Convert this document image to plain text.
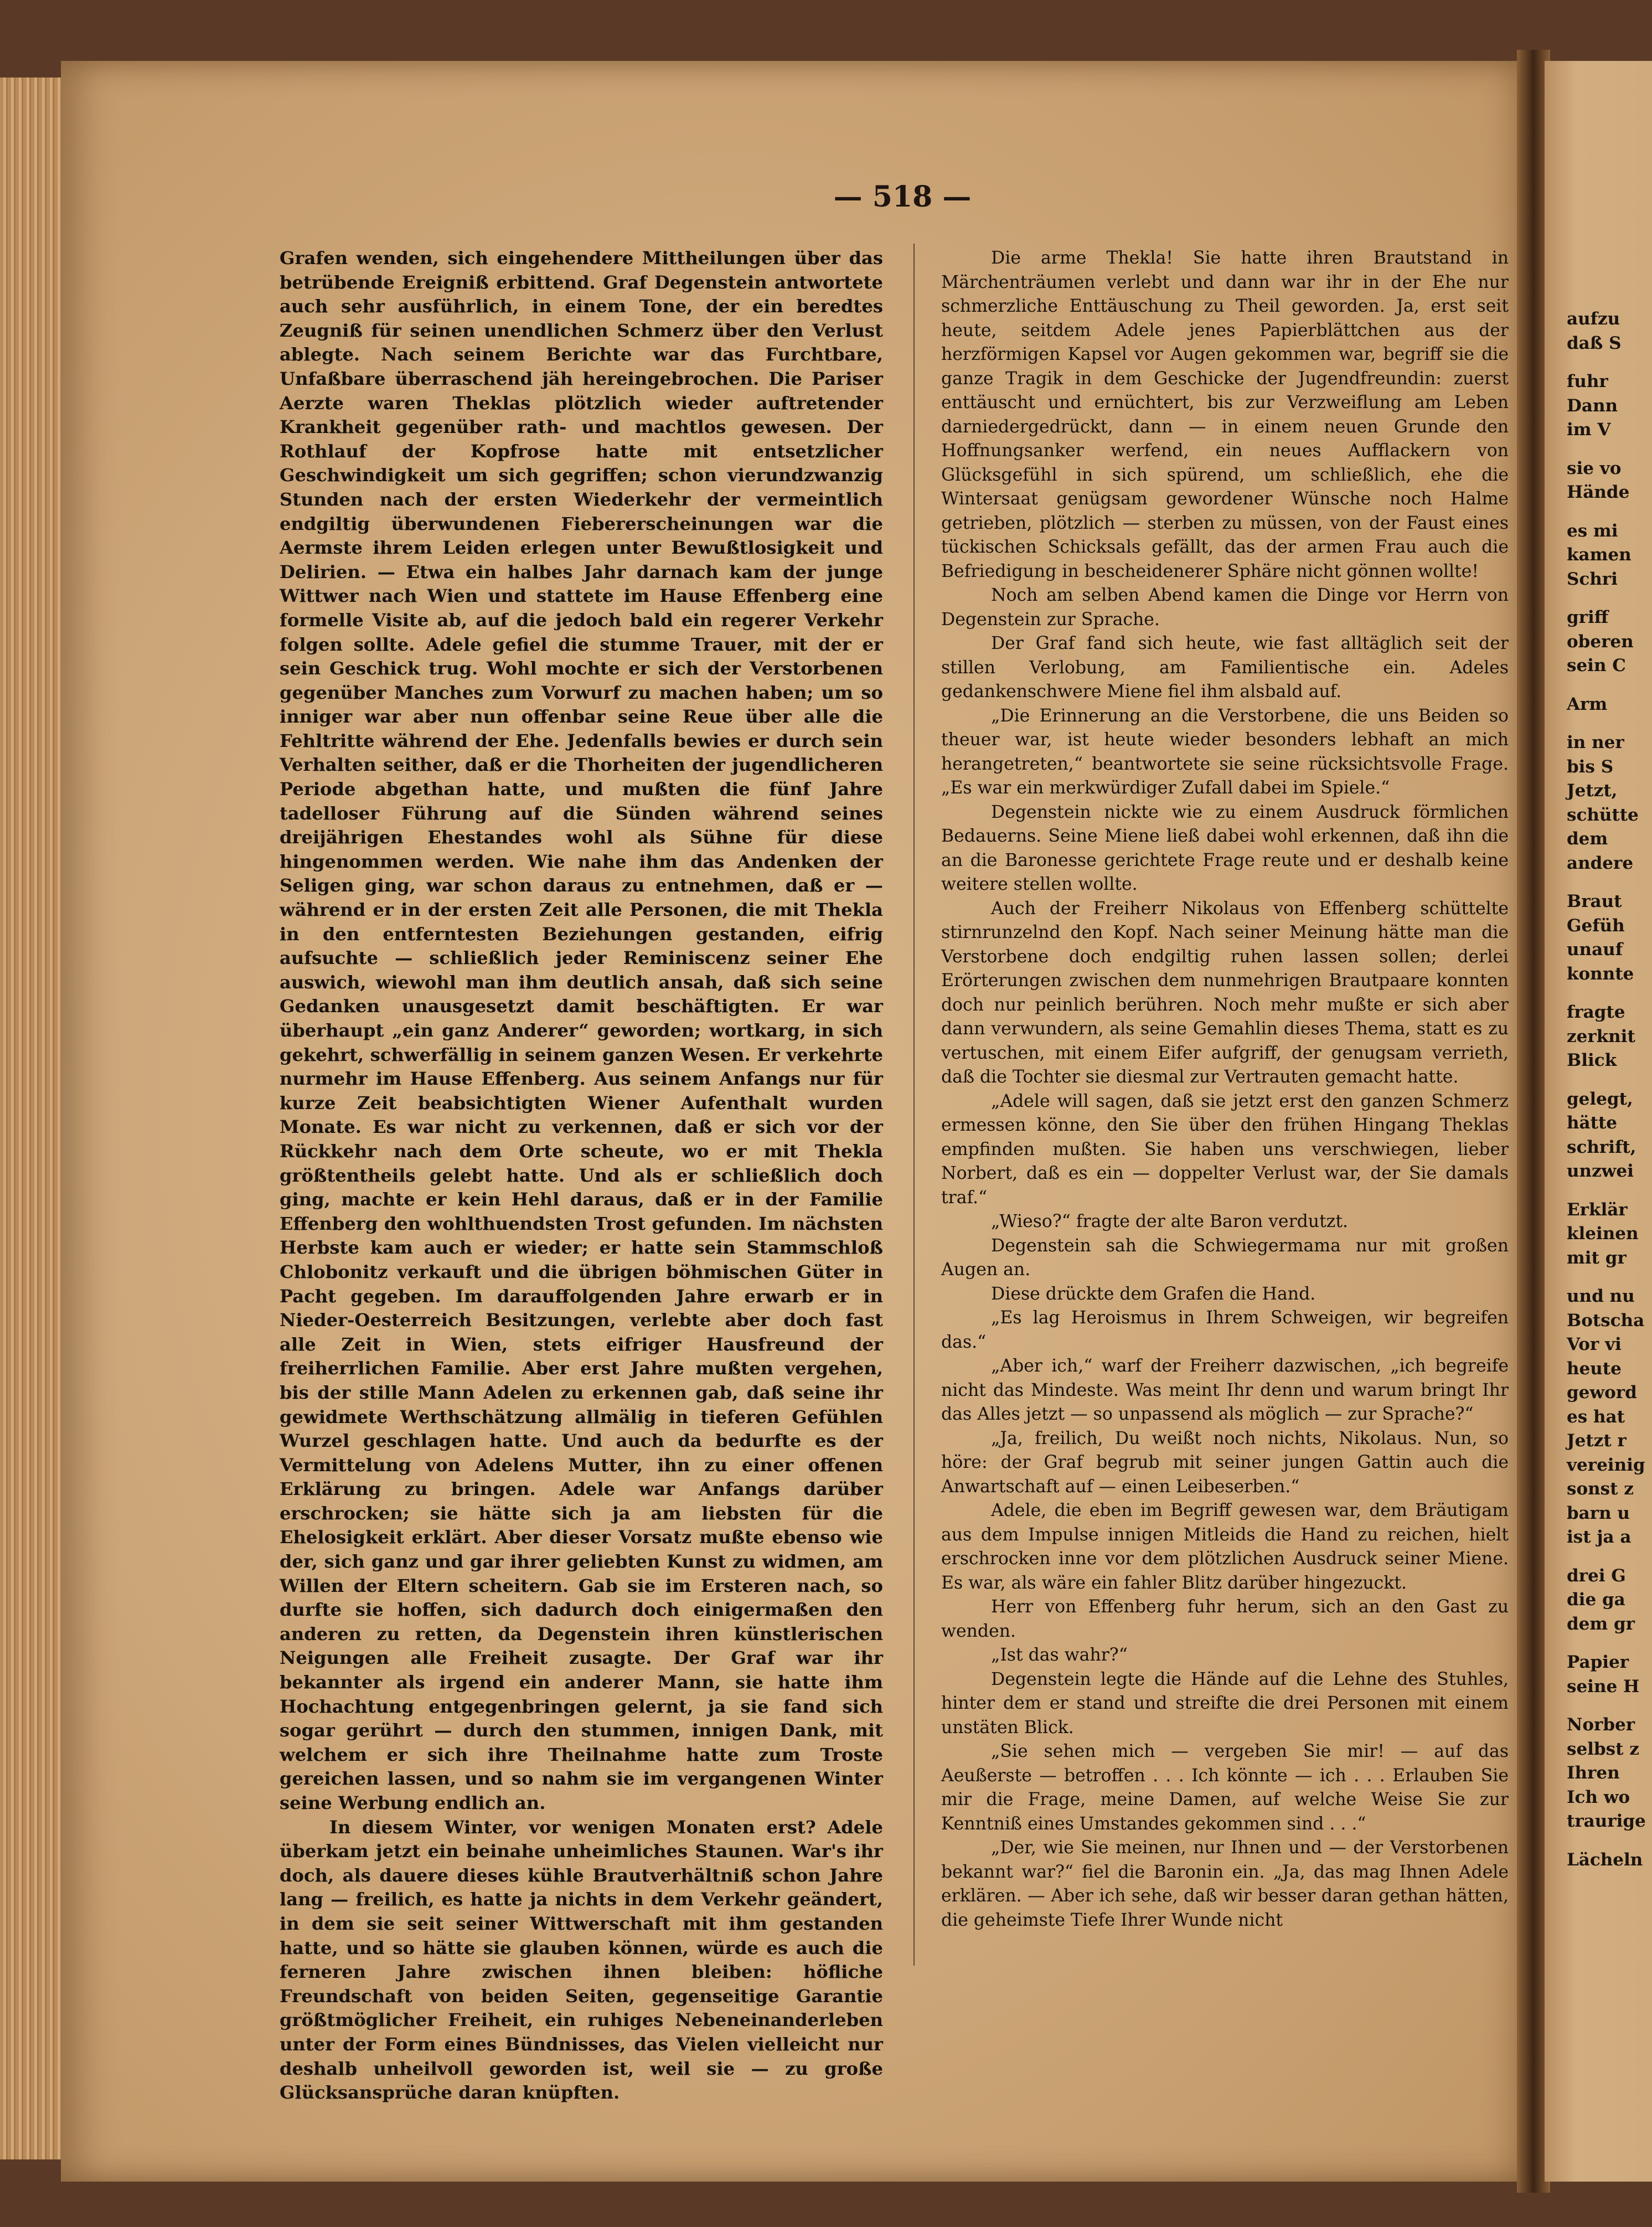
— 518 —

Grafen wenden, sich eingehendere Mittheilungen über das betrübende Ereigniß erbittend. Graf Degenstein antwortete auch sehr ausführlich, in einem Tone, der ein beredtes Zeugniß für seinen unendlichen Schmerz über den Verlust ablegte. Nach seinem Berichte war das Furchtbare, Unfaßbare überraschend jäh hereingebrochen. Die Pariser Aerzte waren Theklas plötzlich wieder auftretender Krankheit gegenüber rath- und machtlos gewesen. Der Rothlauf der Kopfrose hatte mit entsetzlicher Geschwindigkeit um sich gegriffen; schon vierundzwanzig Stunden nach der ersten Wiederkehr der vermeintlich endgiltig überwundenen Fiebererscheinungen war die Aermste ihrem Leiden erlegen unter Bewußtlosigkeit und Delirien. — Etwa ein halbes Jahr darnach kam der junge Wittwer nach Wien und stattete im Hause Effenberg eine formelle Visite ab, auf die jedoch bald ein regerer Verkehr folgen sollte. Adele gefiel die stumme Trauer, mit der er sein Geschick trug. Wohl mochte er sich der Verstorbenen gegenüber Manches zum Vorwurf zu machen haben; um so inniger war aber nun offenbar seine Reue über alle die Fehltritte während der Ehe. Jedenfalls bewies er durch sein Verhalten seither, daß er die Thorheiten der jugendlicheren Periode abgethan hatte, und mußten die fünf Jahre tadelloser Führung auf die Sünden während seines dreijährigen Ehestandes wohl als Sühne für diese hingenommen werden. Wie nahe ihm das Andenken der Seligen ging, war schon daraus zu entnehmen, daß er — während er in der ersten Zeit alle Personen, die mit Thekla in den entferntesten Beziehungen gestanden, eifrig aufsuchte — schließlich jeder Reminiscenz seiner Ehe auswich, wiewohl man ihm deutlich ansah, daß sich seine Gedanken unausgesetzt damit beschäftigten. Er war überhaupt „ein ganz Anderer“ geworden; wortkarg, in sich gekehrt, schwerfällig in seinem ganzen Wesen. Er verkehrte nurmehr im Hause Effenberg. Aus seinem Anfangs nur für kurze Zeit beabsichtigten Wiener Aufenthalt wurden Monate. Es war nicht zu verkennen, daß er sich vor der Rückkehr nach dem Orte scheute, wo er mit Thekla größtentheils gelebt hatte. Und als er schließlich doch ging, machte er kein Hehl daraus, daß er in der Familie Effenberg den wohlthuendsten Trost gefunden. Im nächsten Herbste kam auch er wieder; er hatte sein Stammschloß Chlobonitz verkauft und die übrigen böhmischen Güter in Pacht gegeben. Im darauffolgenden Jahre erwarb er in Nieder-Oesterreich Besitzungen, verlebte aber doch fast alle Zeit in Wien, stets eifriger Hausfreund der freiherrlichen Familie. Aber erst Jahre mußten vergehen, bis der stille Mann Adelen zu erkennen gab, daß seine ihr gewidmete Werthschätzung allmälig in tieferen Gefühlen Wurzel geschlagen hatte. Und auch da bedurfte es der Vermittelung von Adelens Mutter, ihn zu einer offenen Erklärung zu bringen. Adele war Anfangs darüber erschrocken; sie hätte sich ja am liebsten für die Ehelosigkeit erklärt. Aber dieser Vorsatz mußte ebenso wie der, sich ganz und gar ihrer geliebten Kunst zu widmen, am Willen der Eltern scheitern. Gab sie im Ersteren nach, so durfte sie hoffen, sich dadurch doch einigermaßen den anderen zu retten, da Degenstein ihren künstlerischen Neigungen alle Freiheit zusagte. Der Graf war ihr bekannter als irgend ein anderer Mann, sie hatte ihm Hochachtung entgegenbringen gelernt, ja sie fand sich sogar gerührt — durch den stummen, innigen Dank, mit welchem er sich ihre Theilnahme hatte zum Troste gereichen lassen, und so nahm sie im vergangenen Winter seine Werbung endlich an.

In diesem Winter, vor wenigen Monaten erst? Adele überkam jetzt ein beinahe unheimliches Staunen. War's ihr doch, als dauere dieses kühle Brautverhältniß schon Jahre lang — freilich, es hatte ja nichts in dem Verkehr geändert, in dem sie seit seiner Wittwerschaft mit ihm gestanden hatte, und so hätte sie glauben können, würde es auch die ferneren Jahre zwischen ihnen bleiben: höfliche Freundschaft von beiden Seiten, gegenseitige Garantie größtmöglicher Freiheit, ein ruhiges Nebeneinanderleben unter der Form eines Bündnisses, das Vielen vielleicht nur deshalb unheilvoll geworden ist, weil sie — zu große Glücksansprüche daran knüpften.

Die arme Thekla! Sie hatte ihren Brautstand in Märchenträumen verlebt und dann war ihr in der Ehe nur schmerzliche Enttäuschung zu Theil geworden. Ja, erst seit heute, seitdem Adele jenes Papierblättchen aus der herzförmigen Kapsel vor Augen gekommen war, begriff sie die ganze Tragik in dem Geschicke der Jugendfreundin: zuerst enttäuscht und ernüchtert, bis zur Verzweiflung am Leben darniedergedrückt, dann — in einem neuen Grunde den Hoffnungsanker werfend, ein neues Aufflackern von Glücksgefühl in sich spürend, um schließlich, ehe die Wintersaat genügsam gewordener Wünsche noch Halme getrieben, plötzlich — sterben zu müssen, von der Faust eines tückischen Schicksals gefällt, das der armen Frau auch die Befriedigung in bescheidenerer Sphäre nicht gönnen wollte!

Noch am selben Abend kamen die Dinge vor Herrn von Degenstein zur Sprache.

Der Graf fand sich heute, wie fast alltäglich seit der stillen Verlobung, am Familientische ein. Adeles gedankenschwere Miene fiel ihm alsbald auf.

„Die Erinnerung an die Verstorbene, die uns Beiden so theuer war, ist heute wieder besonders lebhaft an mich herangetreten,“ beantwortete sie seine rücksichtsvolle Frage. „Es war ein merkwürdiger Zufall dabei im Spiele.“

Degenstein nickte wie zu einem Ausdruck förmlichen Bedauerns. Seine Miene ließ dabei wohl erkennen, daß ihn die an die Baronesse gerichtete Frage reute und er deshalb keine weitere stellen wollte.

Auch der Freiherr Nikolaus von Effenberg schüttelte stirnrunzelnd den Kopf. Nach seiner Meinung hätte man die Verstorbene doch endgiltig ruhen lassen sollen; derlei Erörterungen zwischen dem nunmehrigen Brautpaare konnten doch nur peinlich berühren. Noch mehr mußte er sich aber dann verwundern, als seine Gemahlin dieses Thema, statt es zu vertuschen, mit einem Eifer aufgriff, der genugsam verrieth, daß die Tochter sie diesmal zur Vertrauten gemacht hatte.

„Adele will sagen, daß sie jetzt erst den ganzen Schmerz ermessen könne, den Sie über den frühen Hingang Theklas empfinden mußten. Sie haben uns verschwiegen, lieber Norbert, daß es ein — doppelter Verlust war, der Sie damals traf.“

„Wieso?“ fragte der alte Baron verdutzt.

Degenstein sah die Schwiegermama nur mit großen Augen an.

Diese drückte dem Grafen die Hand.

„Es lag Heroismus in Ihrem Schweigen, wir begreifen das.“

„Aber ich,“ warf der Freiherr dazwischen, „ich begreife nicht das Mindeste. Was meint Ihr denn und warum bringt Ihr das Alles jetzt — so unpassend als möglich — zur Sprache?“

„Ja, freilich, Du weißt noch nichts, Nikolaus. Nun, so höre: der Graf begrub mit seiner jungen Gattin auch die Anwartschaft auf — einen Leibeserben.“

Adele, die eben im Begriff gewesen war, dem Bräutigam aus dem Impulse innigen Mitleids die Hand zu reichen, hielt erschrocken inne vor dem plötzlichen Ausdruck seiner Miene. Es war, als wäre ein fahler Blitz darüber hingezuckt.

Herr von Effenberg fuhr herum, sich an den Gast zu wenden.

„Ist das wahr?“

Degenstein legte die Hände auf die Lehne des Stuhles, hinter dem er stand und streifte die drei Personen mit einem unstäten Blick.

„Sie sehen mich — vergeben Sie mir! — auf das Aeußerste — betroffen . . . Ich könnte — ich . . . Erlauben Sie mir die Frage, meine Damen, auf welche Weise Sie zur Kenntniß eines Umstandes gekommen sind . . .“

„Der, wie Sie meinen, nur Ihnen und — der Verstorbenen bekannt war?“ fiel die Baronin ein. „Ja, das mag Ihnen Adele erklären. — Aber ich sehe, daß wir besser daran gethan hätten, die geheimste Tiefe Ihrer Wunde nicht

aufzu
daß S
fuhr
Dann
im V
sie vo
Hände
es mi
kamen
Schri
griff
oberen
sein C
Arm
in ner
bis S
Jetzt,
schütte
dem
andere
Braut
Gefüh
unauf
konnte
fragte
zerknit
Blick
gelegt,
hätte
schrift,
unzwei
Erklär
kleinen
mit gr
und nu
Botscha
Vor vi
heute
geword
es hat
Jetzt r
vereinig
sonst z
barn u
ist ja a
drei G
die ga
dem gr
Papier
seine H
Norber
selbst z
Ihren
Ich wo
traurige
Lächeln
